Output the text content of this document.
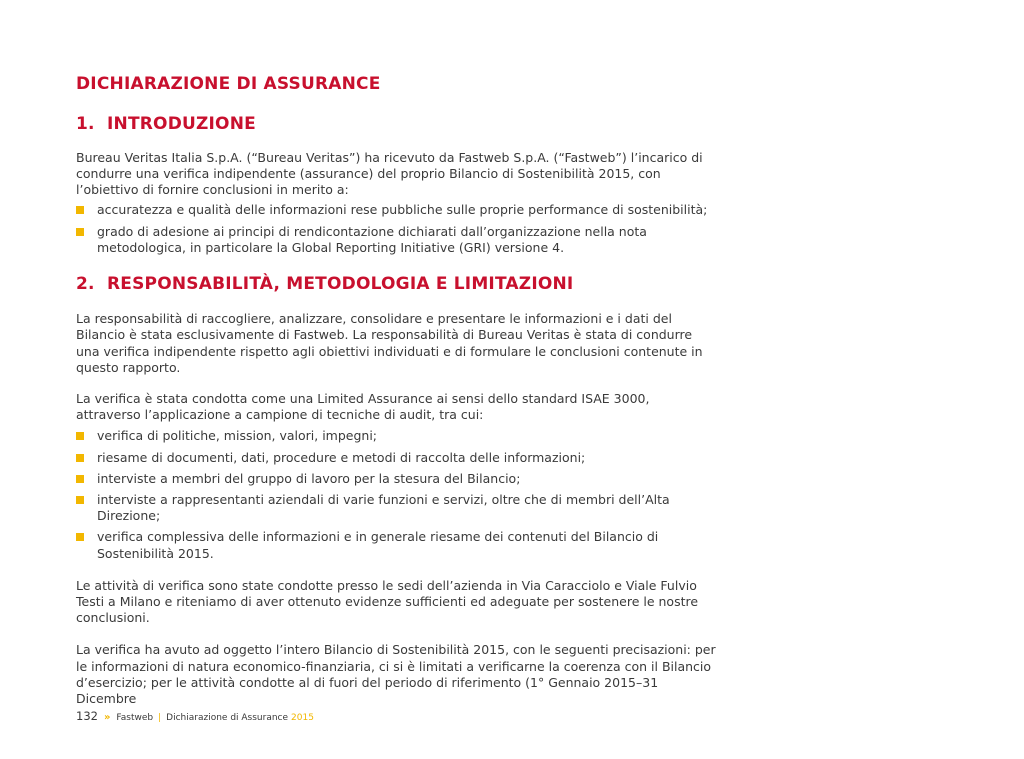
DICHIARAZIONE DI ASSURANCE
1. INTRODUZIONE

Bureau Veritas Italia S.p.A. (“Bureau Veritas”) ha ricevuto da Fastweb S.p.A. (“Fastweb”) l’incarico di condurre una verifica indipendente (assurance) del proprio Bilancio di Sostenibilità 2015, con l’obiettivo di fornire conclusioni in merito a:

accuratezza e qualità delle informazioni rese pubbliche sulle proprie performance di sostenibilità;
grado di adesione ai principi di rendicontazione dichiarati dall’organizzazione nella nota metodologica, in particolare la Global Reporting Initiative (GRI) versione 4.
2. RESPONSABILITÀ, METODOLOGIA E LIMITAZIONI

La responsabilità di raccogliere, analizzare, consolidare e presentare le informazioni e i dati del Bilancio è stata esclusivamente di Fastweb. La responsabilità di Bureau Veritas è stata di condurre una verifica indipendente rispetto agli obiettivi individuati e di formulare le conclusioni contenute in questo rapporto.

La verifica è stata condotta come una Limited Assurance ai sensi dello standard ISAE 3000, attraverso l’applicazione a campione di tecniche di audit, tra cui:

verifica di politiche, mission, valori, impegni;
riesame di documenti, dati, procedure e metodi di raccolta delle informazioni;
interviste a membri del gruppo di lavoro per la stesura del Bilancio;
interviste a rappresentanti aziendali di varie funzioni e servizi, oltre che di membri dell’Alta Direzione;
verifica complessiva delle informazioni e in generale riesame dei contenuti del Bilancio di Sostenibilità 2015.

Le attività di verifica sono state condotte presso le sedi dell’azienda in Via Caracciolo e Viale Fulvio Testi a Milano e riteniamo di aver ottenuto evidenze sufficienti ed adeguate per sostenere le nostre conclusioni.

La verifica ha avuto ad oggetto l’intero Bilancio di Sostenibilità 2015, con le seguenti precisazioni: per le informazioni di natura economico-finanziaria, ci si è limitati a verificarne la coerenza con il Bilancio d’esercizio; per le attività condotte al di fuori del periodo di riferimento (1° Gennaio 2015–31 Dicembre

132 » Fastweb | Dichiarazione di Assurance 2015
